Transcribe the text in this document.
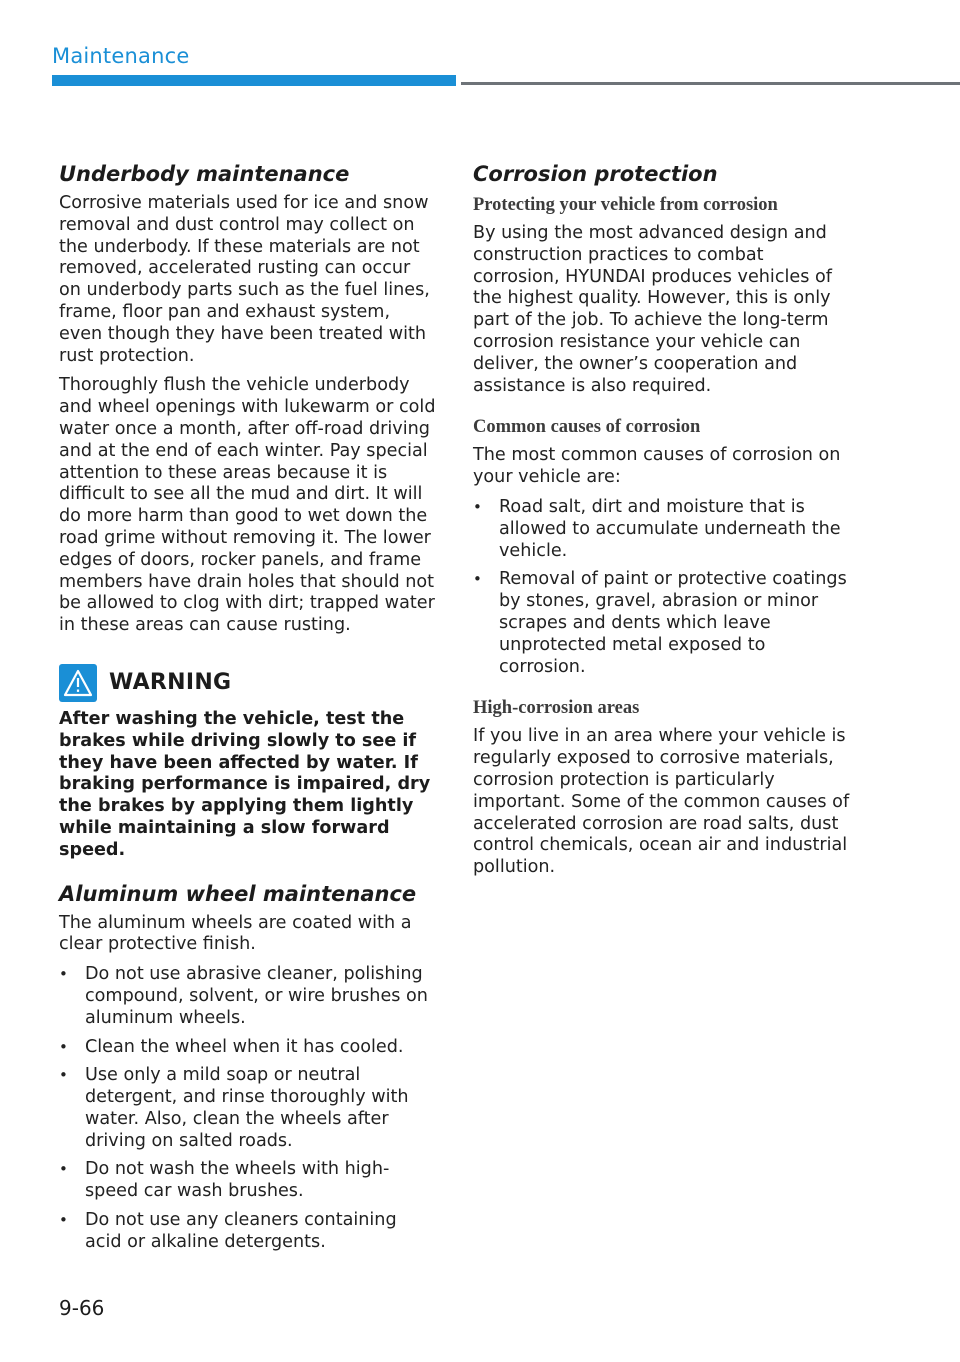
Maintenance
Underbody maintenance

Corrosive materials used for ice and snow removal and dust control may collect on the underbody. If these materials are not removed, accelerated rusting can occur on underbody parts such as the fuel lines, frame, floor pan and exhaust system, even though they have been treated with rust protection.

Thoroughly flush the vehicle underbody and wheel openings with lukewarm or cold water once a month, after off-road driving and at the end of each winter. Pay special attention to these areas because it is difficult to see all the mud and dirt. It will do more harm than good to wet down the road grime without removing it. The lower edges of doors, rocker panels, and frame members have drain holes that should not be allowed to clog with dirt; trapped water in these areas can cause rusting.

WARNING

After washing the vehicle, test the brakes while driving slowly to see if they have been affected by water. If braking performance is impaired, dry the brakes by applying them lightly while maintaining a slow forward speed.

Aluminum wheel maintenance

The aluminum wheels are coated with a clear protective finish.

• Do not use abrasive cleaner, polishing compound, solvent, or wire brushes on aluminum wheels.
• Clean the wheel when it has cooled.
• Use only a mild soap or neutral detergent, and rinse thoroughly with water. Also, clean the wheels after driving on salted roads.
• Do not wash the wheels with high-speed car wash brushes.
• Do not use any cleaners containing acid or alkaline detergents.
Corrosion protection
Protecting your vehicle from corrosion

By using the most advanced design and construction practices to combat corrosion, HYUNDAI produces vehicles of the highest quality. However, this is only part of the job. To achieve the long-term corrosion resistance your vehicle can deliver, the owner’s cooperation and assistance is also required.

Common causes of corrosion

The most common causes of corrosion on your vehicle are:

• Road salt, dirt and moisture that is allowed to accumulate underneath the vehicle.
• Removal of paint or protective coatings by stones, gravel, abrasion or minor scrapes and dents which leave unprotected metal exposed to corrosion.
High-corrosion areas

If you live in an area where your vehicle is regularly exposed to corrosive materials, corrosion protection is particularly important. Some of the common causes of accelerated corrosion are road salts, dust control chemicals, ocean air and industrial pollution.

9-66
